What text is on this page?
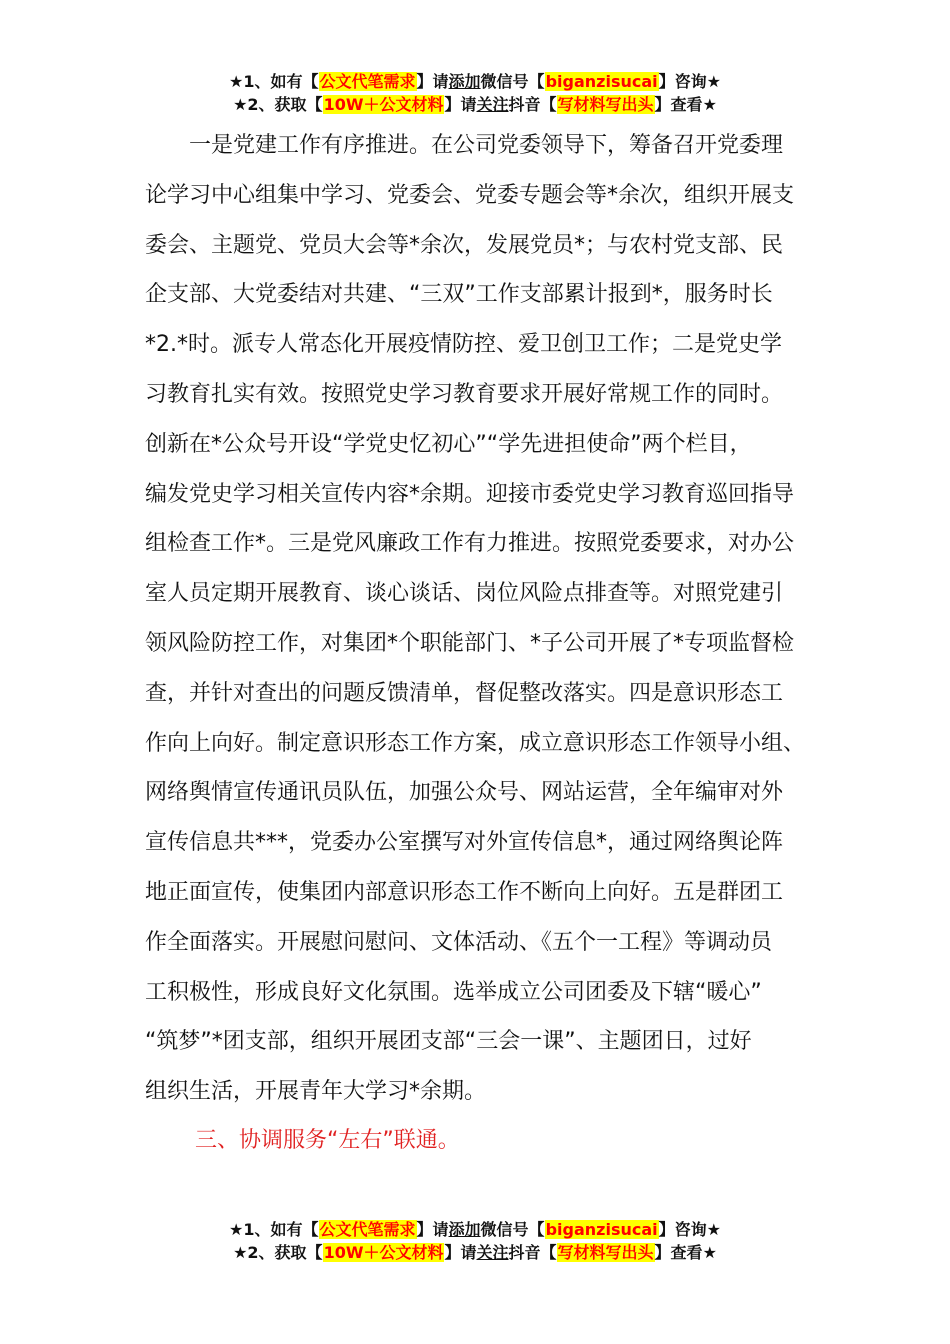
★1、如有【公文代笔需求】请添加微信号【biganzisucai】咨询★
★2、获取【10W＋公文材料】请关注抖音【写材料写出头】查看★
　　一是党建工作有序推进。在公司党委领导下，筹备召开党委理
论学习中心组集中学习、党委会、党委专题会等*余次，组织开展支
委会、主题党、党员大会等*余次，发展党员*；与农村党支部、民
企支部、大党委结对共建、“三双”工作支部累计报到*，服务时长
*2.*时。派专人常态化开展疫情防控、爱卫创卫工作；二是党史学
习教育扎实有效。按照党史学习教育要求开展好常规工作的同时。
创新在*公众号开设“学党史忆初心”“学先进担使命”两个栏目，
编发党史学习相关宣传内容*余期。迎接市委党史学习教育巡回指导
组检查工作*。三是党风廉政工作有力推进。按照党委要求，对办公
室人员定期开展教育、谈心谈话、岗位风险点排查等。对照党建引
领风险防控工作，对集团*个职能部门、*子公司开展了*专项监督检
查，并针对查出的问题反馈清单，督促整改落实。四是意识形态工
作向上向好。制定意识形态工作方案，成立意识形态工作领导小组、
网络舆情宣传通讯员队伍，加强公众号、网站运营，全年编审对外
宣传信息共***，党委办公室撰写对外宣传信息*，通过网络舆论阵
地正面宣传，使集团内部意识形态工作不断向上向好。五是群团工
作全面落实。开展慰问慰问、文体活动、《五个一工程》等调动员
工积极性，形成良好文化氛围。选举成立公司团委及下辖“暖心”
“筑梦”*团支部，组织开展团支部“三会一课”、主题团日，过好
组织生活，开展青年大学习*余期。
三、协调服务“左右”联通。
★1、如有【公文代笔需求】请添加微信号【biganzisucai】咨询★
★2、获取【10W＋公文材料】请关注抖音【写材料写出头】查看★
